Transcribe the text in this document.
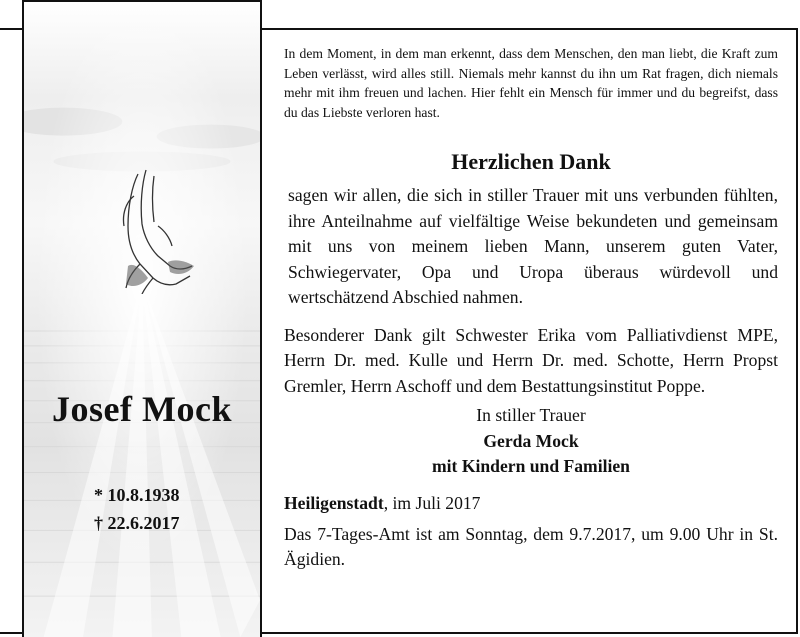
Josef Mock
* 10.8.1938
† 22.6.2017

In dem Moment, in dem man erkennt, dass dem Menschen, den man liebt, die Kraft zum Leben verlässt, wird alles still. Niemals mehr kannst du ihn um Rat fragen, dich niemals mehr mit ihm freuen und lachen. Hier fehlt ein Mensch für immer und du begreifst, dass du das Liebste verloren hast.

Herzlichen Dank

sagen wir allen, die sich in stiller Trauer mit uns verbunden fühlten, ihre Anteilnahme auf vielfältige Weise bekundeten und gemeinsam mit uns von meinem lieben Mann, unserem guten Vater, Schwiegervater, Opa und Uropa überaus würdevoll und wertschätzend Abschied nahmen.

Besonderer Dank gilt Schwester Erika vom Palliativdienst MPE, Herrn Dr. med. Kulle und Herrn Dr. med. Schotte, Herrn Propst Gremler, Herrn Aschoff und dem Bestattungsinstitut Poppe.

In stiller Trauer
Gerda Mock
mit Kindern und Familien
Heiligenstadt, im Juli 2017
Das 7-Tages-Amt ist am Sonntag, dem 9.7.2017, um 9.00 Uhr in St. Ägidien.
